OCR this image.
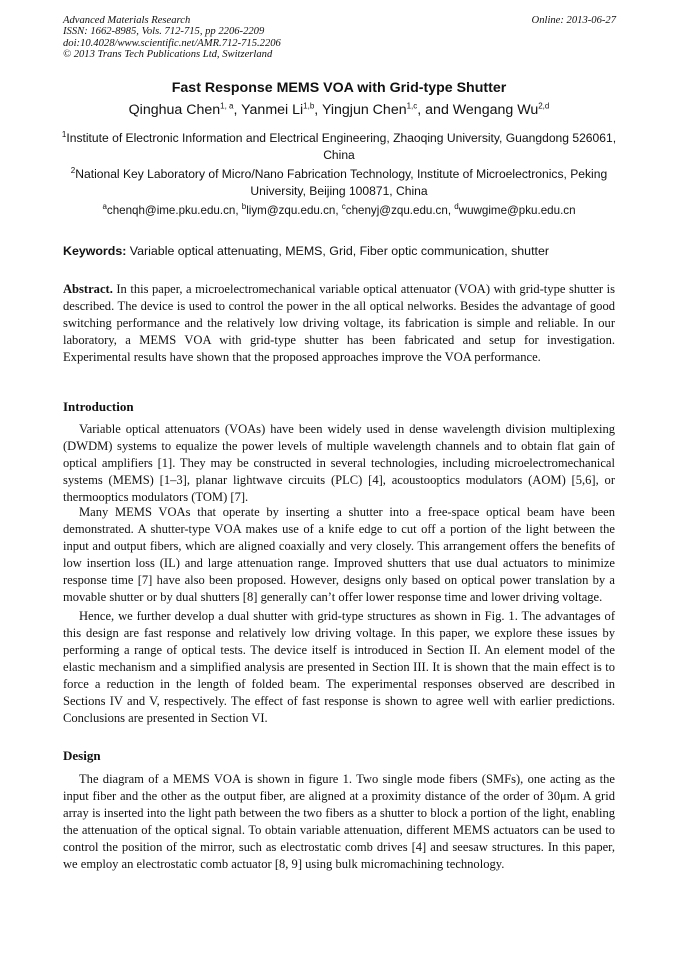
Advanced Materials Research
ISSN: 1662-8985, Vols. 712-715, pp 2206-2209
doi:10.4028/www.scientific.net/AMR.712-715.2206
© 2013 Trans Tech Publications Ltd, Switzerland
Online: 2013-06-27
Fast Response MEMS VOA with Grid-type Shutter
Qinghua Chen$^{1, a}$, Yanmei Li$^{1,b}$, Yingjun Chen$^{1,c}$, and Wengang Wu$^{2,d}$
$^1$Institute of Electronic Information and Electrical Engineering, Zhaoqing University, Guangdong 526061, China
$^2$National Key Laboratory of Micro/Nano Fabrication Technology, Institute of Microelectronics, Peking University, Beijing 100871, China
$^a$chenqh@ime.pku.edu.cn, $^b$liym@zqu.edu.cn, $^c$chenyj@zqu.edu.cn, $^d$wuwgime@pku.edu.cn
Keywords: Variable optical attenuating, MEMS, Grid, Fiber optic communication, shutter
Abstract. In this paper, a microelectromechanical variable optical attenuator (VOA) with grid-type shutter is described. The device is used to control the power in the all optical nelworks. Besides the advantage of good switching performance and the relatively low driving voltage, its fabrication is simple and reliable. In our laboratory, a MEMS VOA with grid-type shutter has been fabricated and setup for investigation. Experimental results have shown that the proposed approaches improve the VOA performance.
Introduction
Variable optical attenuators (VOAs) have been widely used in dense wavelength division multiplexing (DWDM) systems to equalize the power levels of multiple wavelength channels and to obtain flat gain of optical amplifiers [1]. They may be constructed in several technologies, including microelectromechanical systems (MEMS) [1–3], planar lightwave circuits (PLC) [4], acoustooptics modulators (AOM) [5,6], or thermooptics modulators (TOM) [7].
Many MEMS VOAs that operate by inserting a shutter into a free-space optical beam have been demonstrated. A shutter-type VOA makes use of a knife edge to cut off a portion of the light between the input and output fibers, which are aligned coaxially and very closely. This arrangement offers the benefits of low insertion loss (IL) and large attenuation range. Improved shutters that use dual actuators to minimize response time [7] have also been proposed. However, designs only based on optical power translation by a movable shutter or by dual shutters [8] generally can’t offer lower response time and lower driving voltage.
Hence, we further develop a dual shutter with grid-type structures as shown in Fig. 1. The advantages of this design are fast response and relatively low driving voltage. In this paper, we explore these issues by performing a range of optical tests. The device itself is introduced in Section II. An element model of the elastic mechanism and a simplified analysis are presented in Section III. It is shown that the main effect is to force a reduction in the length of folded beam. The experimental responses observed are described in Sections IV and V, respectively. The effect of fast response is shown to agree well with earlier predictions. Conclusions are presented in Section VI.
Design
The diagram of a MEMS VOA is shown in figure 1. Two single mode fibers (SMFs), one acting as the input fiber and the other as the output fiber, are aligned at a proximity distance of the order of 30μm. A grid array is inserted into the light path between the two fibers as a shutter to block a portion of the light, enabling the attenuation of the optical signal. To obtain variable attenuation, different MEMS actuators can be used to control the position of the mirror, such as electrostatic comb drives [4] and seesaw structures. In this paper, we employ an electrostatic comb actuator [8, 9] using bulk micromachining technology.
